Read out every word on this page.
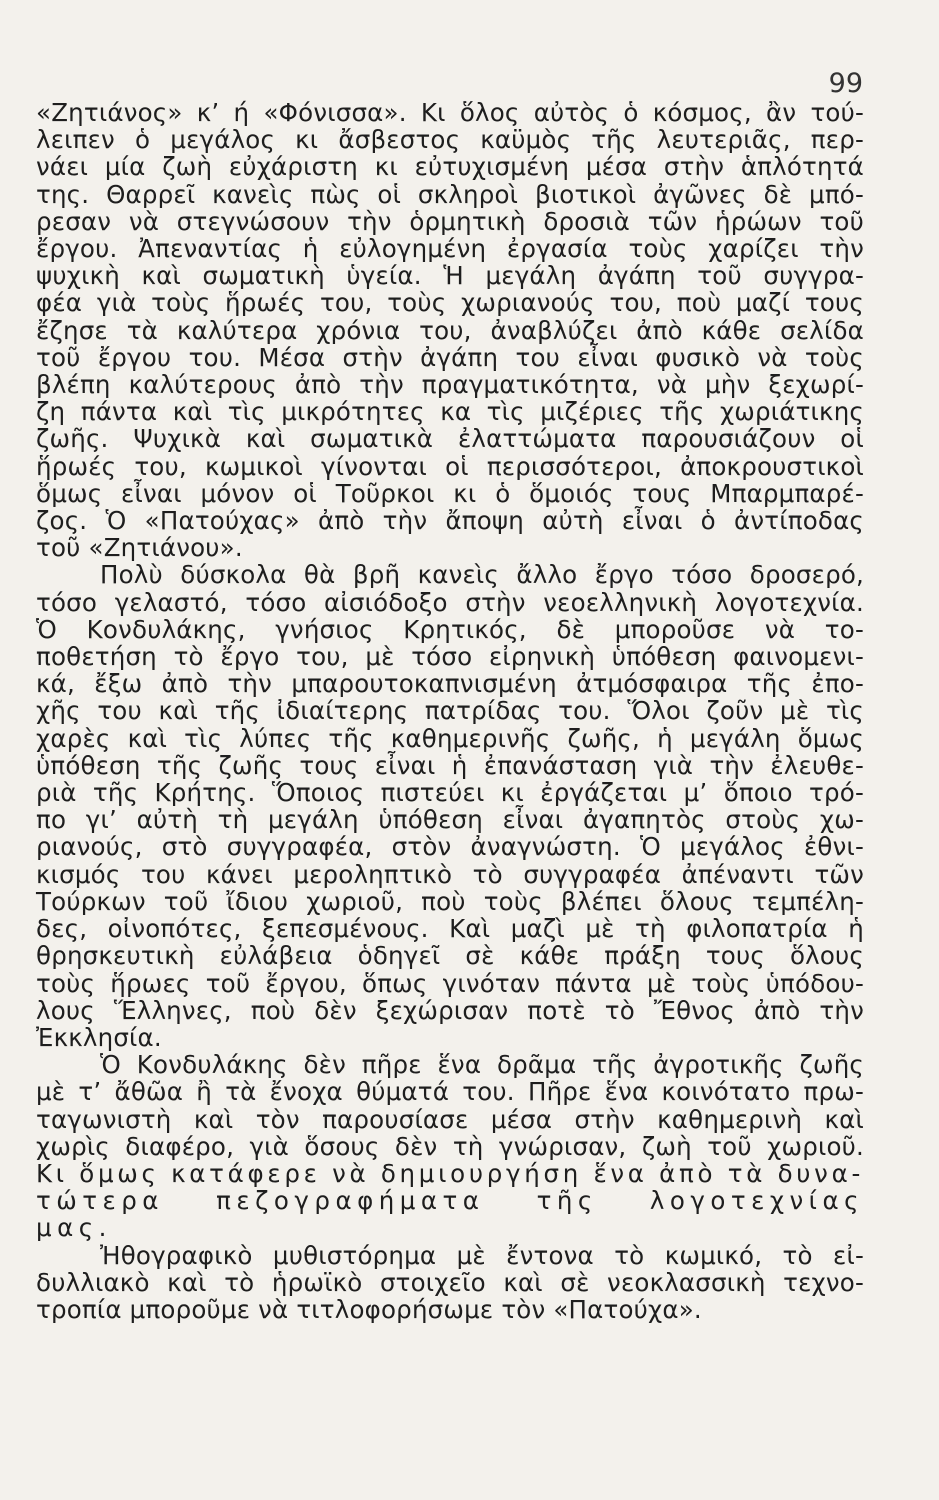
99
«Ζητιάνος» κ’ ή «Φόνισσα». Κι ὅλος αὐτὸς ὁ κόσμος, ἂν τού-
λειπεν ὁ μεγάλος κι ἄσβεστος καϋμὸς τῆς λευτεριᾶς, περ-
νάει μία ζωὴ εὐχάριστη κι εὐτυχισμένη μέσα στὴν ἁπλότητά
της. Θαρρεῖ κανεὶς πὼς οἱ σκληροὶ βιοτικοὶ ἀγῶνες δὲ μπό-
ρεσαν νὰ στεγνώσουν τὴν ὁρμητικὴ δροσιὰ τῶν ἡρώων τοῦ
ἔργου. Ἀπεναντίας ἡ εὐλογημένη ἐργασία τοὺς χαρίζει τὴν
ψυχικὴ καὶ σωματικὴ ὑγεία. Ἡ μεγάλη ἀγάπη τοῦ συγγρα-
φέα γιὰ τοὺς ἥρωές του, τοὺς χωριανούς του, ποὺ μαζί τους
ἔζησε τὰ καλύτερα χρόνια του, ἀναβλύζει ἀπὸ κάθε σελίδα
τοῦ ἔργου του. Μέσα στὴν ἀγάπη του εἶναι φυσικὸ νὰ τοὺς
βλέπη καλύτερους ἀπὸ τὴν πραγματικότητα, νὰ μὴν ξεχωρί-
ζη πάντα καὶ τὶς μικρότητες κα τὶς μιζέριες τῆς χωριάτικης
ζωῆς. Ψυχικὰ καὶ σωματικὰ ἐλαττώματα παρουσιάζουν οἱ
ἥρωές του, κωμικοὶ γίνονται οἱ περισσότεροι, ἀποκρουστικοὶ
ὅμως εἶναι μόνον οἱ Τοῦρκοι κι ὁ ὅμοιός τους Μπαρμπαρέ-
ζος. Ὁ «Πατούχας» ἀπὸ τὴν ἄποψη αὐτὴ εἶναι ὁ ἀντίποδας
τοῦ «Ζητιάνου».
Πολὺ δύσκολα θὰ βρῆ κανεὶς ἄλλο ἔργο τόσο δροσερό,
τόσο γελαστό, τόσο αἰσιόδοξο στὴν νεοελληνικὴ λογοτεχνία.
Ὁ Κονδυλάκης, γνήσιος Κρητικός, δὲ μποροῦσε νὰ το-
ποθετήση τὸ ἔργο του, μὲ τόσο εἰρηνικὴ ὑπόθεση φαινομενι-
κά, ἔξω ἀπὸ τὴν μπαρουτοκαπνισμένη ἀτμόσφαιρα τῆς ἐπο-
χῆς του καὶ τῆς ἰδιαίτερης πατρίδας του. Ὅλοι ζοῦν μὲ τὶς
χαρὲς καὶ τὶς λύπες τῆς καθημερινῆς ζωῆς, ἡ μεγάλη ὅμως
ὑπόθεση τῆς ζωῆς τους εἶναι ἡ ἐπανάσταση γιὰ τὴν ἐλευθε-
ριὰ τῆς Κρήτης. Ὅποιος πιστεύει κι ἐργάζεται μ’ ὅποιο τρό-
πο γι’ αὐτὴ τὴ μεγάλη ὑπόθεση εἶναι ἀγαπητὸς στοὺς χω-
ριανούς, στὸ συγγραφέα, στὸν ἀναγνώστη. Ὁ μεγάλος ἐθνι-
κισμός του κάνει μεροληπτικὸ τὸ συγγραφέα ἀπέναντι τῶν
Τούρκων τοῦ ἴδιου χωριοῦ, ποὺ τοὺς βλέπει ὅλους τεμπέλη-
δες, οἰνοπότες, ξεπεσμένους. Καὶ μαζὶ μὲ τὴ φιλοπατρία ἡ
θρησκευτικὴ εὐλάβεια ὁδηγεῖ σὲ κάθε πράξη τους ὅλους
τοὺς ἥρωες τοῦ ἔργου, ὅπως γινόταν πάντα μὲ τοὺς ὑπόδου-
λους Ἕλληνες, ποὺ δὲν ξεχώρισαν ποτὲ τὸ Ἔθνος ἀπὸ τὴν
Ἐκκλησία.
Ὁ Κονδυλάκης δὲν πῆρε ἕνα δρᾶμα τῆς ἀγροτικῆς ζωῆς
μὲ τ’ ἄθῶα ἢ τὰ ἔνοχα θύματά του. Πῆρε ἕνα κοινότατο πρω-
ταγωνιστὴ καὶ τὸν παρουσίασε μέσα στὴν καθημερινὴ καὶ
χωρὶς διαφέρο, γιὰ ὅσους δὲν τὴ γνώρισαν, ζωὴ τοῦ χωριοῦ.
Κι ὅμως κατάφερε νὰ δημιουργήση ἕνα ἀπὸ τὰ δυνα-
τώτερα πεζογραφήματα τῆς λογοτεχνίας
μας.
Ἠθογραφικὸ μυθιστόρημα μὲ ἔντονα τὸ κωμικό, τὸ εἰ-
δυλλιακὸ καὶ τὸ ἡρωϊκὸ στοιχεῖο καὶ σὲ νεοκλασσικὴ τεχνο-
τροπία μποροῦμε νὰ τιτλοφορήσωμε τὸν «Πατούχα».
